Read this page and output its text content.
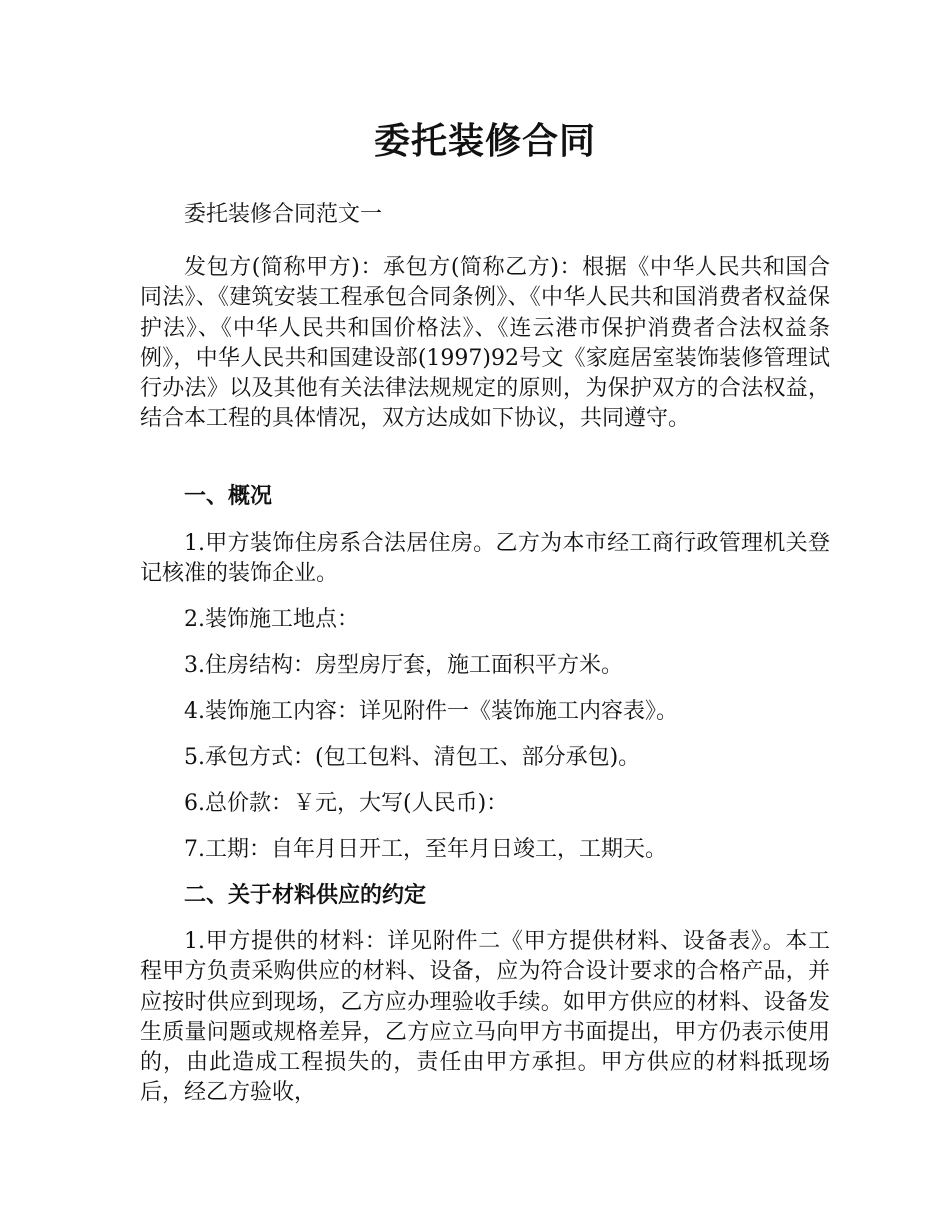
委托装修合同

委托装修合同范文一

发包方(简称甲方)：承包方(简称乙方)：根据《中华人民共和国合同法》、《建筑安装工程承包合同条例》、《中华人民共和国消费者权益保护法》、《中华人民共和国价格法》、《连云港市保护消费者合法权益条例》，中华人民共和国建设部(1997)92号文《家庭居室装饰装修管理试行办法》以及其他有关法律法规规定的原则，为保护双方的合法权益，结合本工程的具体情况，双方达成如下协议，共同遵守。

一、概况

1.甲方装饰住房系合法居住房。乙方为本市经工商行政管理机关登记核准的装饰企业。

2.装饰施工地点：

3.住房结构：房型房厅套，施工面积平方米。

4.装饰施工内容：详见附件一《装饰施工内容表》。

5.承包方式：(包工包料、清包工、部分承包)。

6.总价款：￥元，大写(人民币)：

7.工期：自年月日开工，至年月日竣工，工期天。

二、关于材料供应的约定

1.甲方提供的材料：详见附件二《甲方提供材料、设备表》。本工程甲方负责采购供应的材料、设备，应为符合设计要求的合格产品，并应按时供应到现场，乙方应办理验收手续。如甲方供应的材料、设备发生质量问题或规格差异，乙方应立马向甲方书面提出，甲方仍表示使用的，由此造成工程损失的，责任由甲方承担。甲方供应的材料抵现场后，经乙方验收，
